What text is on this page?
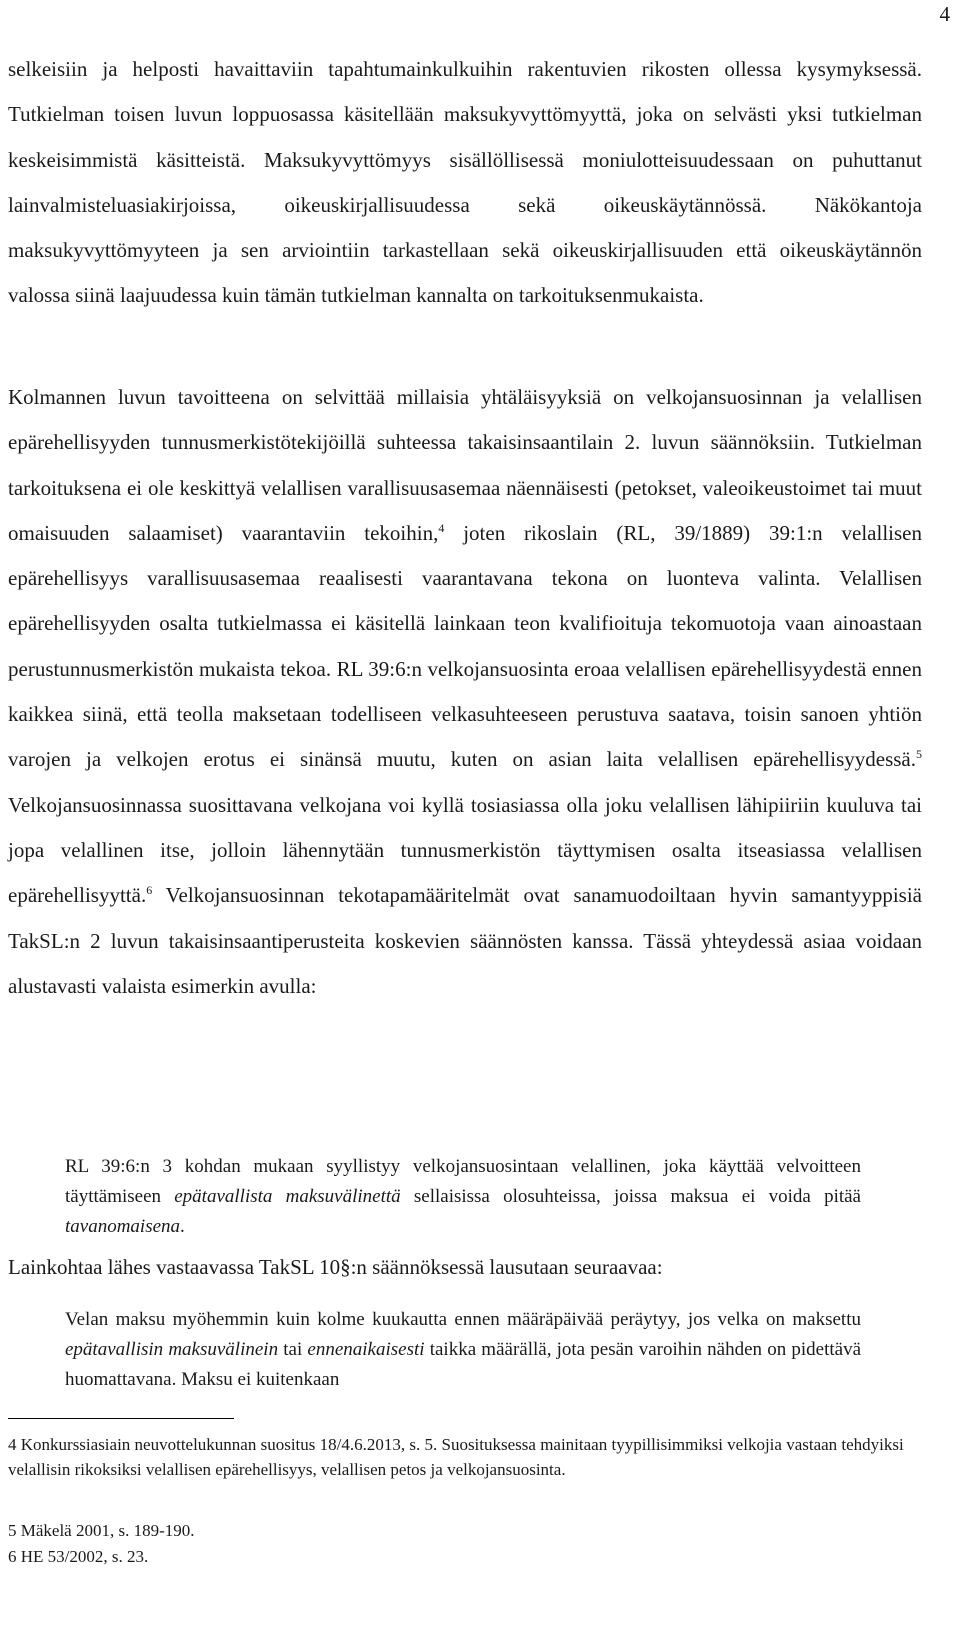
4

selkeisiin ja helposti havaittaviin tapahtumainkulkuihin rakentuvien rikosten ollessa kysymyksessä. Tutkielman toisen luvun loppuosassa käsitellään maksukyvyttömyyttä, joka on selvästi yksi tutkielman keskeisimmistä käsitteistä. Maksukyvyttömyys sisällöllisessä moniulotteisuudessaan on puhuttanut lainvalmisteluasiakirjoissa, oikeuskirjallisuudessa sekä oikeuskäytännössä. Näkökantoja maksukyvyttömyyteen ja sen arviointiin tarkastellaan sekä oikeuskirjallisuuden että oikeuskäytännön valossa siinä laajuudessa kuin tämän tutkielman kannalta on tarkoituksenmukaista.

Kolmannen luvun tavoitteena on selvittää millaisia yhtäläisyyksiä on velkojansuosinnan ja velallisen epärehellisyyden tunnusmerkistötekijöillä suhteessa takaisinsaantilain 2. luvun säännöksiin. Tutkielman tarkoituksena ei ole keskittyä velallisen varallisuusasemaa näennäisesti (petokset, valeoikeustoimet tai muut omaisuuden salaamiset) vaarantaviin tekoihin,$^4$ joten rikoslain (RL, 39/1889) 39:1:n velallisen epärehellisyys varallisuusasemaa reaalisesti vaarantavana tekona on luonteva valinta. Velallisen epärehellisyyden osalta tutkielmassa ei käsitellä lainkaan teon kvalifioituja tekomuotoja vaan ainoastaan perustunnusmerkistön mukaista tekoa. RL 39:6:n velkojansuosinta eroaa velallisen epärehellisyydestä ennen kaikkea siinä, että teolla maksetaan todelliseen velkasuhteeseen perustuva saatava, toisin sanoen yhtiön varojen ja velkojen erotus ei sinänsä muutu, kuten on asian laita velallisen epärehellisyydessä.$^5$ Velkojansuosinnassa suosittavana velkojana voi kyllä tosiasiassa olla joku velallisen lähipiiriin kuuluva tai jopa velallinen itse, jolloin lähennytään tunnusmerkistön täyttymisen osalta itseasiassa velallisen epärehellisyyttä.$^6$ Velkojansuosinnan tekotapamääritelmät ovat sanamuodoiltaan hyvin samantyyppisiä TakSL:n 2 luvun takaisinsaantiperusteita koskevien säännösten kanssa. Tässä yhteydessä asiaa voidaan alustavasti valaista esimerkin avulla:

RL 39:6:n 3 kohdan mukaan syyllistyy velkojansuosintaan velallinen, joka käyttää velvoitteen täyttämiseen epätavallista maksuvälinettä sellaisissa olosuhteissa, joissa maksua ei voida pitää tavanomaisena.

Lainkohtaa lähes vastaavassa TakSL 10§:n säännöksessä lausutaan seuraavaa:

Velan maksu myöhemmin kuin kolme kuukautta ennen määräpäivää peräytyy, jos velka on maksettu epätavallisin maksuvälinein tai ennenaikaisesti taikka määrällä, jota pesän varoihin nähden on pidettävä huomattavana. Maksu ei kuitenkaan

4 Konkurssiasiain neuvottelukunnan suositus 18/4.6.2013, s. 5. Suosituksessa mainitaan tyypillisimmiksi velkojia vastaan tehdyiksi velallisin rikoksiksi velallisen epärehellisyys, velallisen petos ja velkojansuosinta.

5 Mäkelä 2001, s. 189-190.

6 HE 53/2002, s. 23.
